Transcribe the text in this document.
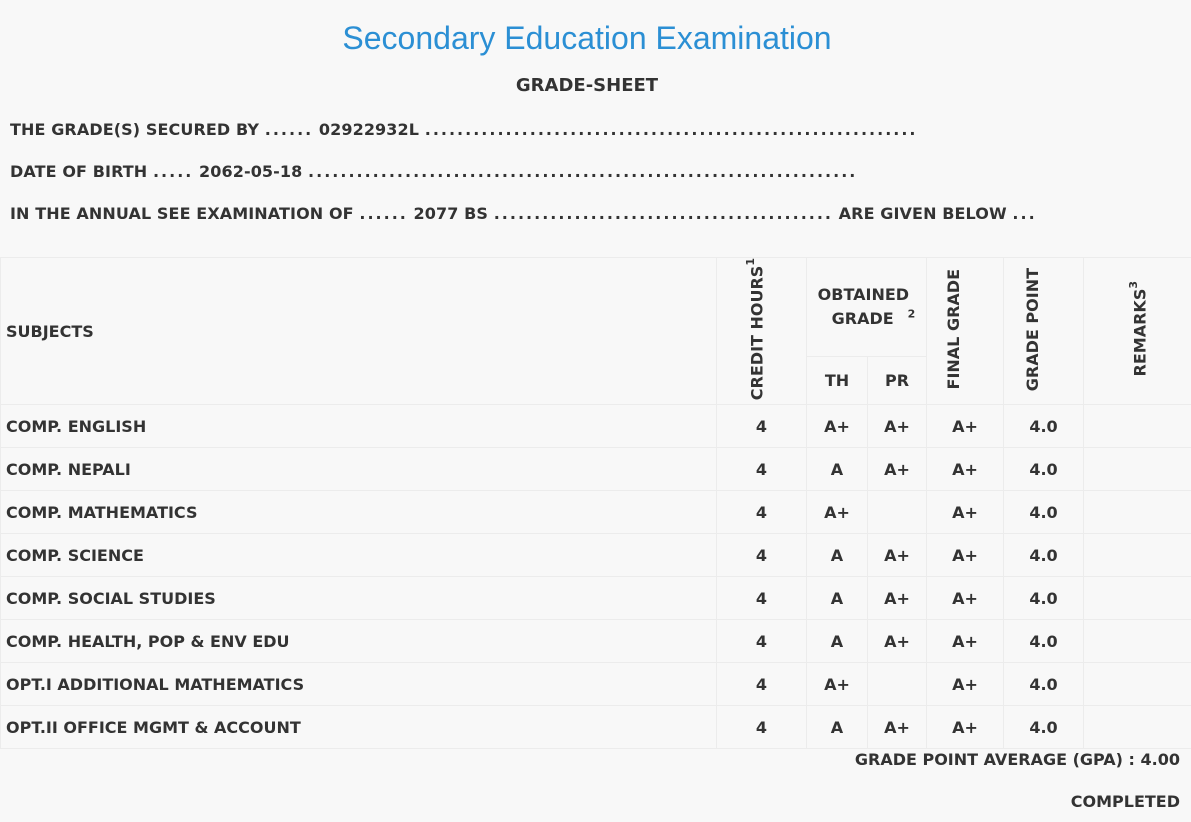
Secondary Education Examination
GRADE-SHEET
THE GRADE(S) SECURED BY ...... 02922932L .............................................................
DATE OF BIRTH ..... 2062-05-18 ....................................................................
IN THE ANNUAL SEE EXAMINATION OF ...... 2077 BS .......................................... ARE GIVEN BELOW ...
SUBJECTS	CREDIT HOURS$^1$	OBTAINED GRADE $^2$		FINAL GRADE	GRADE POINT	REMARKS$^3$
		TH	PR			
COMP. ENGLISH	4	A+	A+	A+	4.0	
COMP. NEPALI	4	A	A+	A+	4.0	
COMP. MATHEMATICS	4	A+		A+	4.0	
COMP. SCIENCE	4	A	A+	A+	4.0	
COMP. SOCIAL STUDIES	4	A	A+	A+	4.0	
COMP. HEALTH, POP & ENV EDU	4	A	A+	A+	4.0	
OPT.I ADDITIONAL MATHEMATICS	4	A+		A+	4.0	
OPT.II OFFICE MGMT & ACCOUNT	4	A	A+	A+	4.0	
GRADE POINT AVERAGE (GPA) : 4.00
COMPLETED
